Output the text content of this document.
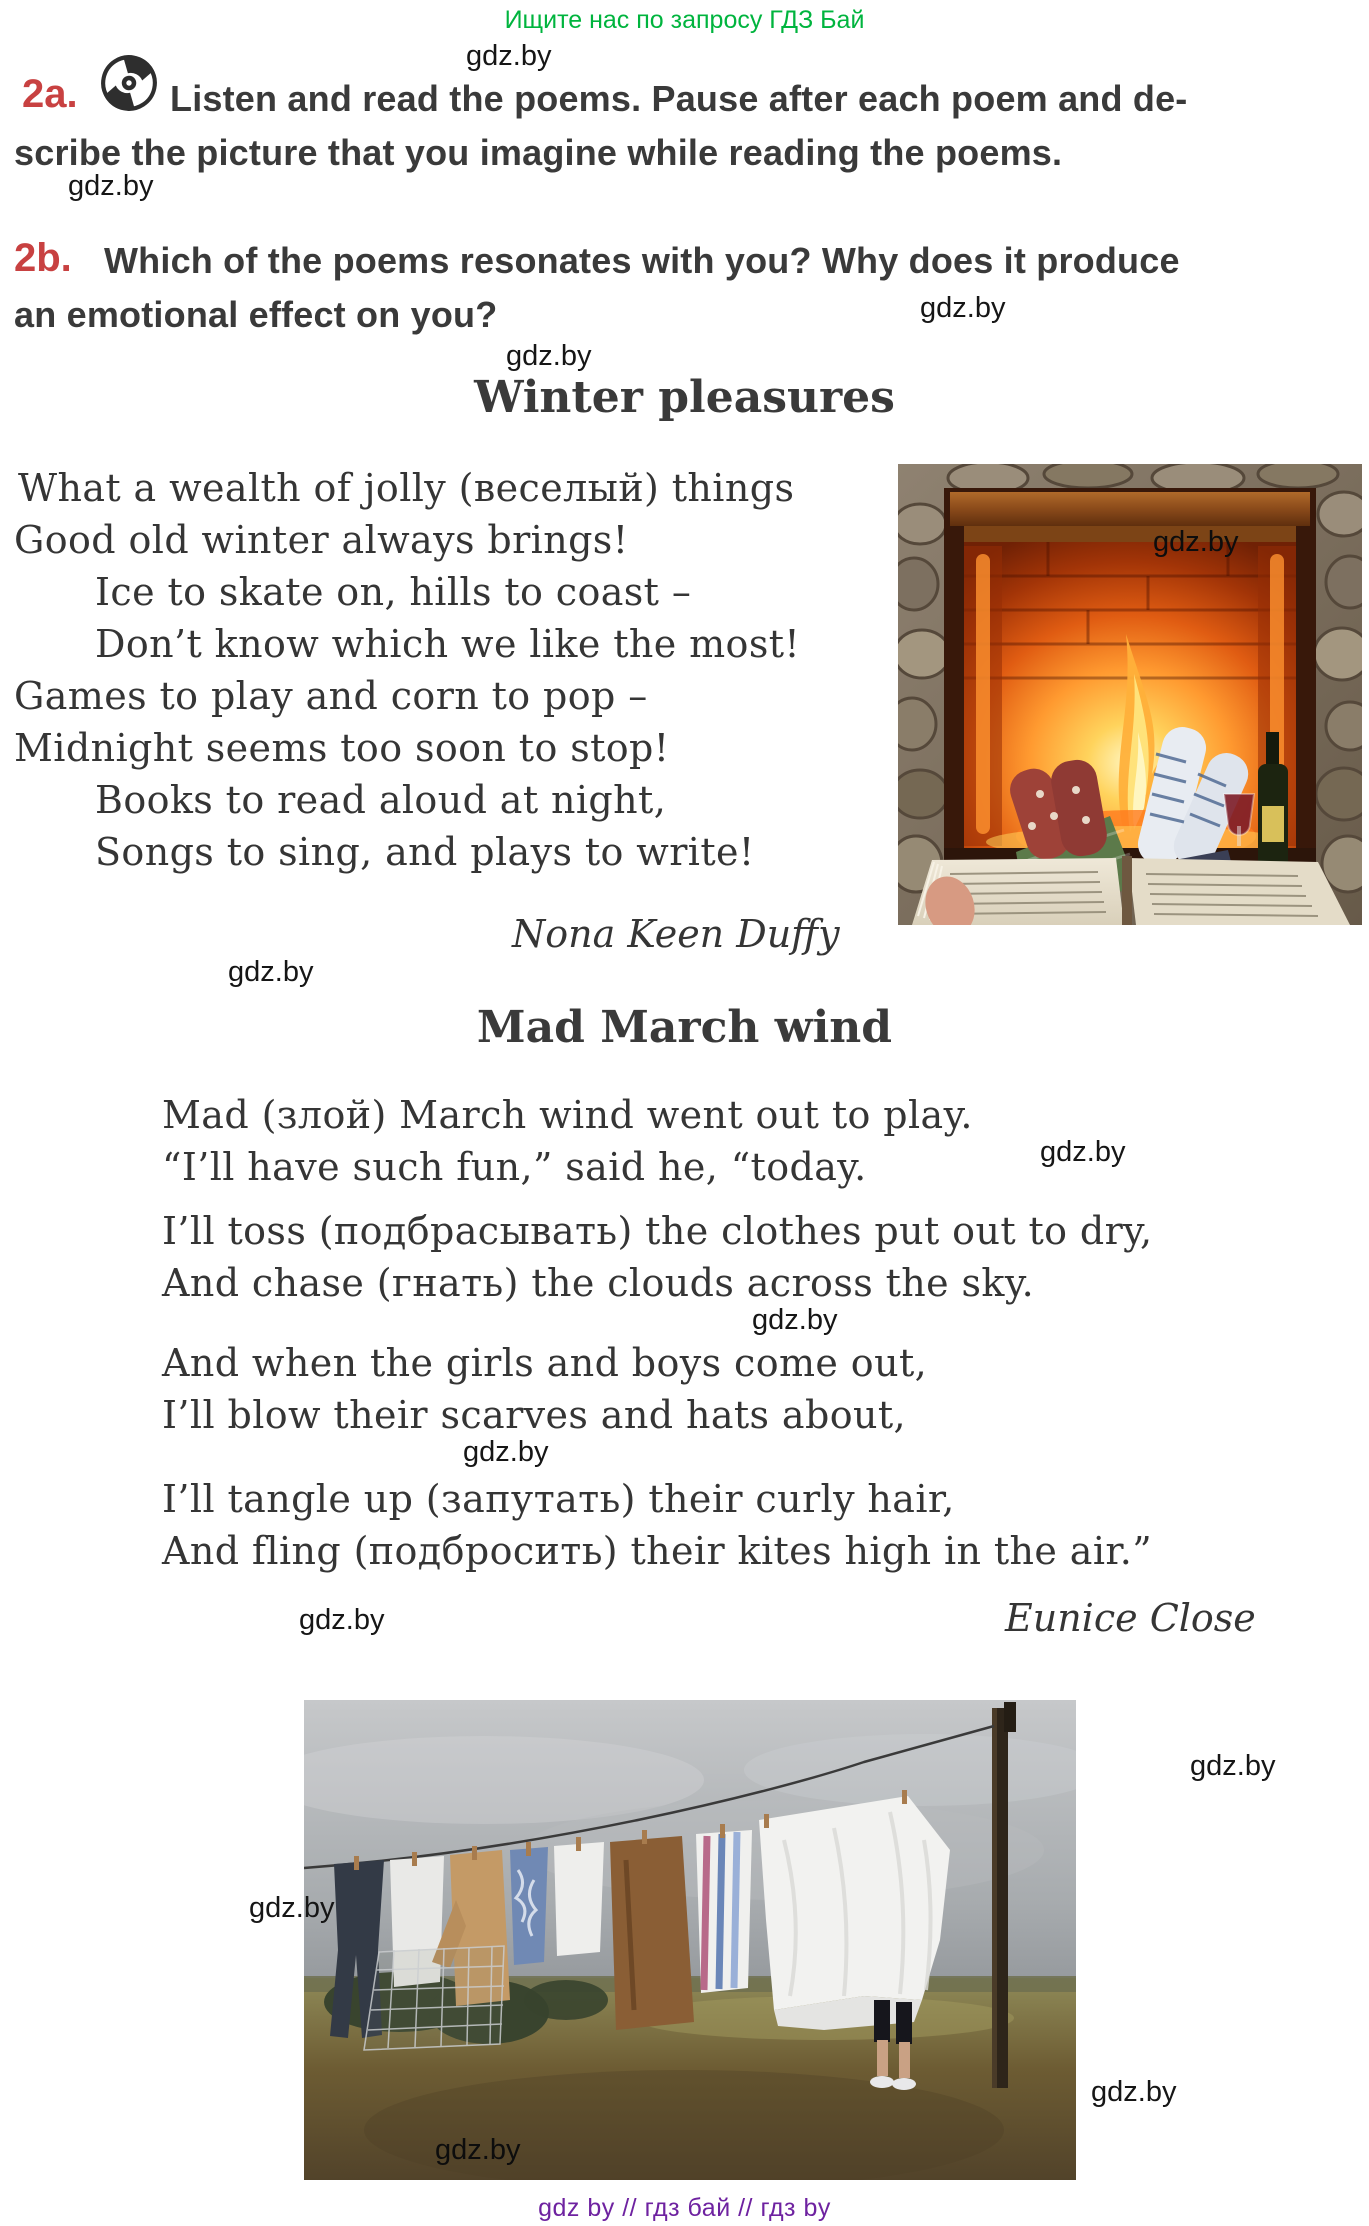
Ищите нас по запросу ГДЗ Бай
gdz.by
2a.	Listen and read the poems. Pause after each poem and de-
scribe the picture that you imagine while reading the poems.
gdz.by
2b. Which of the poems resonates with you? Why does it produce
an emotional effect on you?	gdz.by
gdz.by
Winter pleasures
What a wealth of jolly (веселый) things
Good old winter always brings!
Ice to skate on, hills to coast –
Don’t know which we like the most!
Games to play and corn to pop –
Midnight seems too soon to stop!
Books to read aloud at night,
Songs to sing, and plays to write!
gdz.by
Nona Keen Duffy
gdz.by
Mad March wind
Mad (злой) March wind went out to play.
“I’ll have such fun,” said he, “today.	gdz.by
I’ll toss (подбрасывать) the clothes put out to dry,
And chase (гнать) the clouds across the sky.
gdz.by
And when the girls and boys come out,
I’ll blow their scarves and hats about,
gdz.by
I’ll tangle up (запутать) their curly hair,
And fling (подбросить) their kites high in the air.”
gdz.by	Eunice Close
gdz.by
gdz.by
gdz.by
gdz.by
gdz by // гдз бай // гдз by
